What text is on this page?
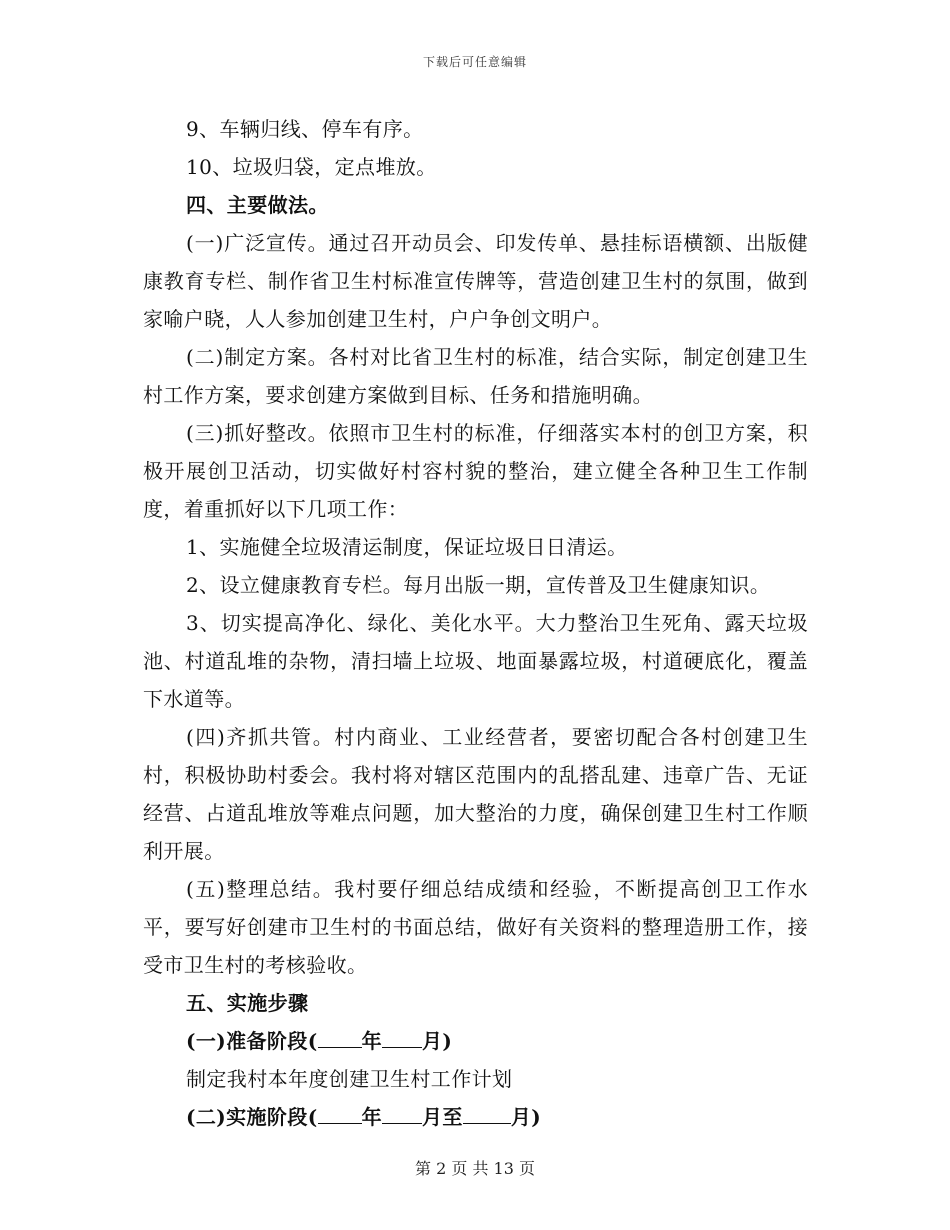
下载后可任意编辑

9、车辆归线、停车有序。

10、垃圾归袋，定点堆放。

四、主要做法。

(一)广泛宣传。通过召开动员会、印发传单、悬挂标语横额、出版健康教育专栏、制作省卫生村标准宣传牌等，营造创建卫生村的氛围，做到家喻户晓，人人参加创建卫生村，户户争创文明户。

(二)制定方案。各村对比省卫生村的标准，结合实际，制定创建卫生村工作方案，要求创建方案做到目标、任务和措施明确。

(三)抓好整改。依照市卫生村的标准，仔细落实本村的创卫方案，积极开展创卫活动，切实做好村容村貌的整治，建立健全各种卫生工作制度，着重抓好以下几项工作：

1、实施健全垃圾清运制度，保证垃圾日日清运。

2、设立健康教育专栏。每月出版一期，宣传普及卫生健康知识。

3、切实提高净化、绿化、美化水平。大力整治卫生死角、露天垃圾池、村道乱堆的杂物，清扫墙上垃圾、地面暴露垃圾，村道硬底化，覆盖下水道等。

(四)齐抓共管。村内商业、工业经营者，要密切配合各村创建卫生村，积极协助村委会。我村将对辖区范围内的乱搭乱建、违章广告、无证经营、占道乱堆放等难点问题，加大整治的力度，确保创建卫生村工作顺利开展。

(五)整理总结。我村要仔细总结成绩和经验，不断提高创卫工作水平，要写好创建市卫生村的书面总结，做好有关资料的整理造册工作，接受市卫生村的考核验收。

五、实施步骤

(一)准备阶段( 年 月)

制定我村本年度创建卫生村工作计划

(二)实施阶段( 年 月至 月)

第 2 页 共 13 页
